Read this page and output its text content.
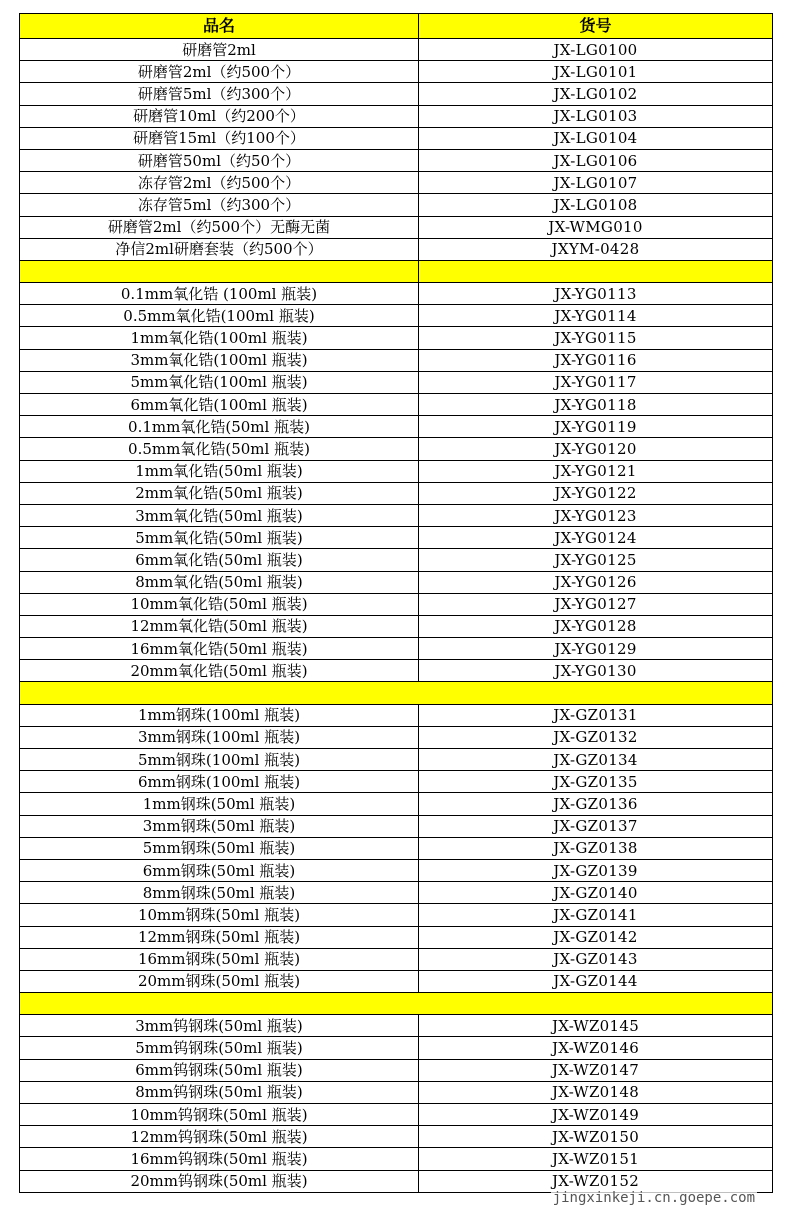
品名	货号
研磨管2ml	JX-LG0100
研磨管2ml（约500个）	JX-LG0101
研磨管5ml（约300个）	JX-LG0102
研磨管10ml（约200个）	JX-LG0103
研磨管15ml（约100个）	JX-LG0104
研磨管50ml（约50个）	JX-LG0106
冻存管2ml（约500个）	JX-LG0107
冻存管5ml（约300个）	JX-LG0108
研磨管2ml（约500个）无酶无菌	JX-WMG010
净信2ml研磨套装（约500个）	JXYM-0428

0.1mm氧化锆 (100ml 瓶装)	JX-YG0113
0.5mm氧化锆(100ml 瓶装)	JX-YG0114
1mm氧化锆(100ml 瓶装)	JX-YG0115
3mm氧化锆(100ml 瓶装)	JX-YG0116
5mm氧化锆(100ml 瓶装)	JX-YG0117
6mm氧化锆(100ml 瓶装)	JX-YG0118
0.1mm氧化锆(50ml 瓶装)	JX-YG0119
0.5mm氧化锆(50ml 瓶装)	JX-YG0120
1mm氧化锆(50ml 瓶装)	JX-YG0121
2mm氧化锆(50ml 瓶装)	JX-YG0122
3mm氧化锆(50ml 瓶装)	JX-YG0123
5mm氧化锆(50ml 瓶装)	JX-YG0124
6mm氧化锆(50ml 瓶装)	JX-YG0125
8mm氧化锆(50ml 瓶装)	JX-YG0126
10mm氧化锆(50ml 瓶装)	JX-YG0127
12mm氧化锆(50ml 瓶装)	JX-YG0128
16mm氧化锆(50ml 瓶装)	JX-YG0129
20mm氧化锆(50ml 瓶装)	JX-YG0130

1mm钢珠(100ml 瓶装)	JX-GZ0131
3mm钢珠(100ml 瓶装)	JX-GZ0132
5mm钢珠(100ml 瓶装)	JX-GZ0134
6mm钢珠(100ml 瓶装)	JX-GZ0135
1mm钢珠(50ml 瓶装)	JX-GZ0136
3mm钢珠(50ml 瓶装)	JX-GZ0137
5mm钢珠(50ml 瓶装)	JX-GZ0138
6mm钢珠(50ml 瓶装)	JX-GZ0139
8mm钢珠(50ml 瓶装)	JX-GZ0140
10mm钢珠(50ml 瓶装)	JX-GZ0141
12mm钢珠(50ml 瓶装)	JX-GZ0142
16mm钢珠(50ml 瓶装)	JX-GZ0143
20mm钢珠(50ml 瓶装)	JX-GZ0144

3mm钨钢珠(50ml 瓶装)	JX-WZ0145
5mm钨钢珠(50ml 瓶装)	JX-WZ0146
6mm钨钢珠(50ml 瓶装)	JX-WZ0147
8mm钨钢珠(50ml 瓶装)	JX-WZ0148
10mm钨钢珠(50ml 瓶装)	JX-WZ0149
12mm钨钢珠(50ml 瓶装)	JX-WZ0150
16mm钨钢珠(50ml 瓶装)	JX-WZ0151
20mm钨钢珠(50ml 瓶装)	JX-WZ0152
jingxinkeji.cn.goepe.com
